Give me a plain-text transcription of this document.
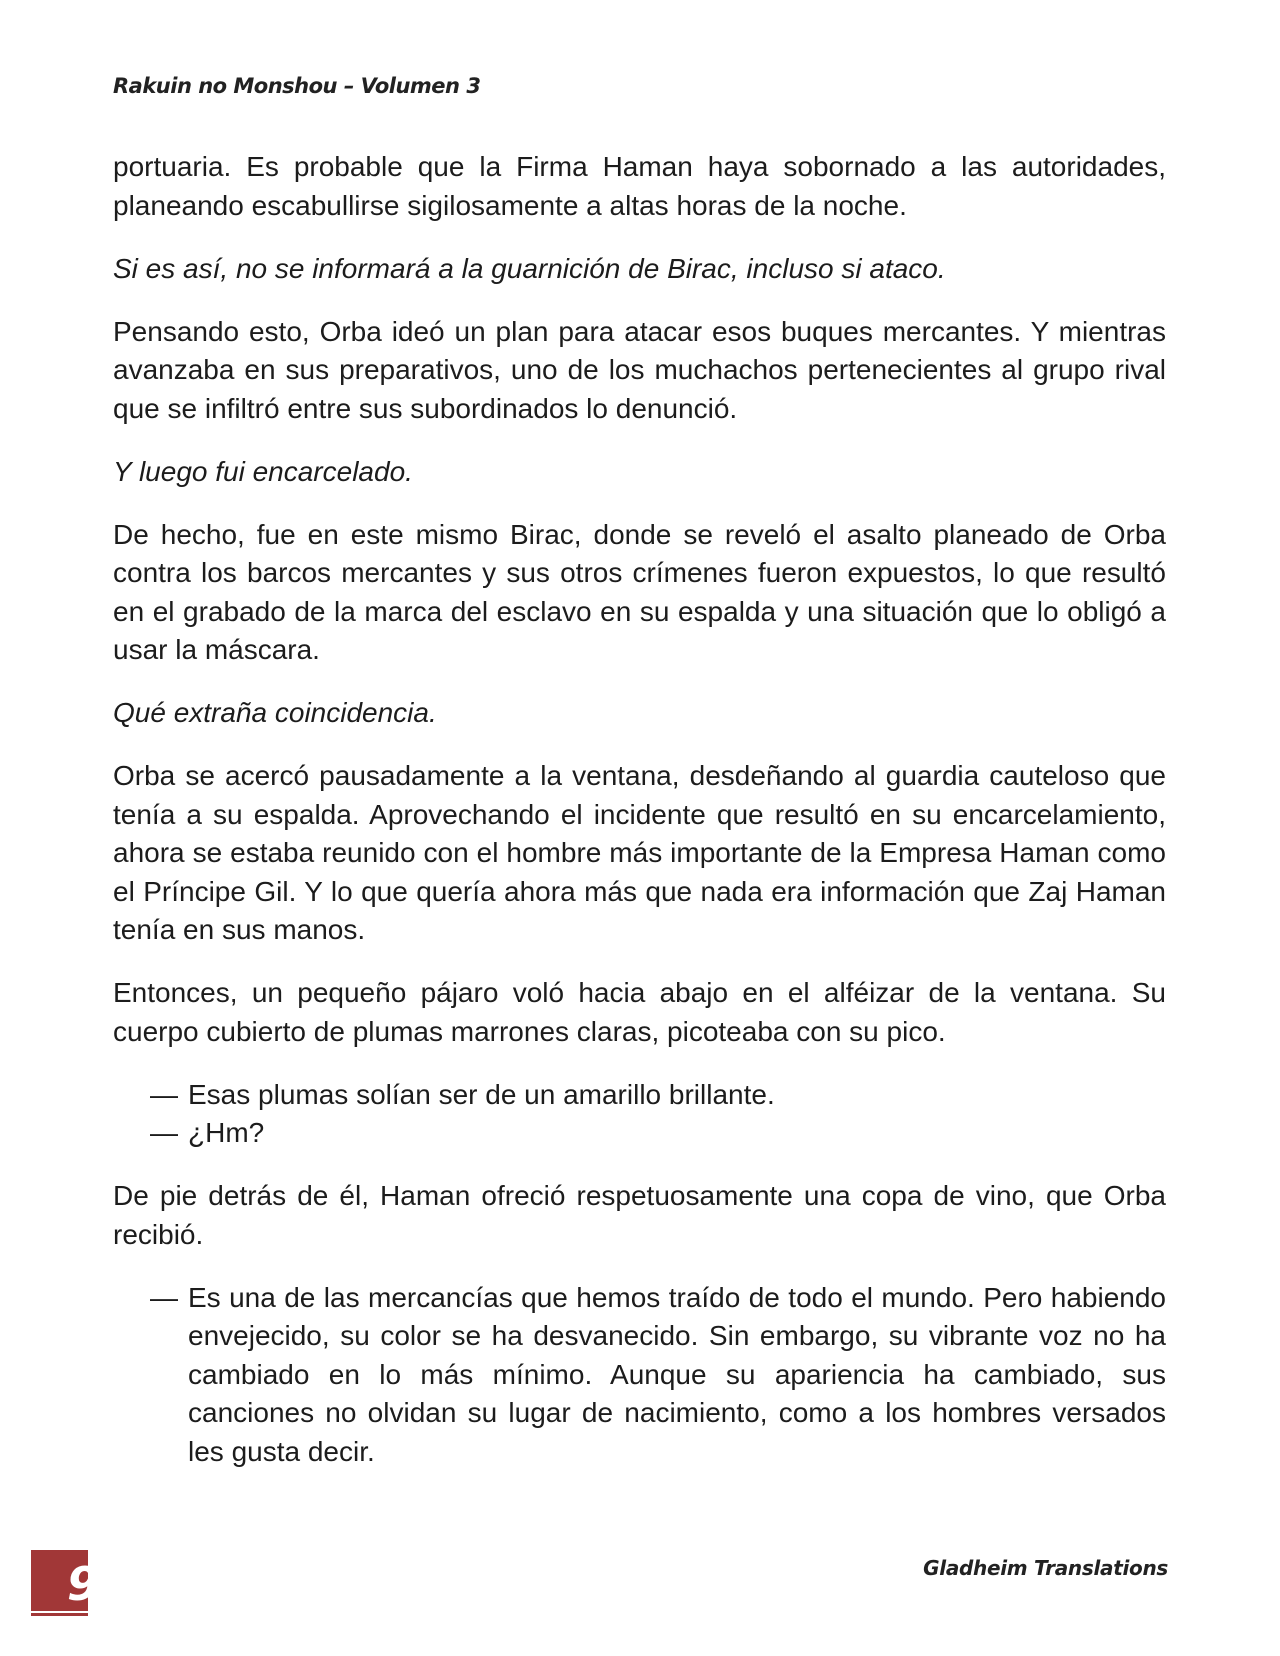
Rakuin no Monshou – Volumen 3

portuaria. Es probable que la Firma Haman haya sobornado a las autoridades, planeando escabullirse sigilosamente a altas horas de la noche.

Si es así, no se informará a la guarnición de Birac, incluso si ataco.

Pensando esto, Orba ideó un plan para atacar esos buques mercantes. Y mientras avanzaba en sus preparativos, uno de los muchachos pertenecientes al grupo rival que se infiltró entre sus subordinados lo denunció.

Y luego fui encarcelado.

De hecho, fue en este mismo Birac, donde se reveló el asalto planeado de Orba contra los barcos mercantes y sus otros crímenes fueron expuestos, lo que resultó en el grabado de la marca del esclavo en su espalda y una situación que lo obligó a usar la máscara.

Qué extraña coincidencia.

Orba se acercó pausadamente a la ventana, desdeñando al guardia cauteloso que tenía a su espalda. Aprovechando el incidente que resultó en su encarcelamiento, ahora se estaba reunido con el hombre más importante de la Empresa Haman como el Príncipe Gil. Y lo que quería ahora más que nada era información que Zaj Haman tenía en sus manos.

Entonces, un pequeño pájaro voló hacia abajo en el alféizar de la ventana. Su cuerpo cubierto de plumas marrones claras, picoteaba con su pico.

— Esas plumas solían ser de un amarillo brillante.

— ¿Hm?

De pie detrás de él, Haman ofreció respetuosamente una copa de vino, que Orba recibió.

— Es una de las mercancías que hemos traído de todo el mundo. Pero habiendo envejecido, su color se ha desvanecido. Sin embargo, su vibrante voz no ha cambiado en lo más mínimo. Aunque su apariencia ha cambiado, sus canciones no olvidan su lugar de nacimiento, como a los hombres versados les gusta decir.

9	Gladheim Translations
